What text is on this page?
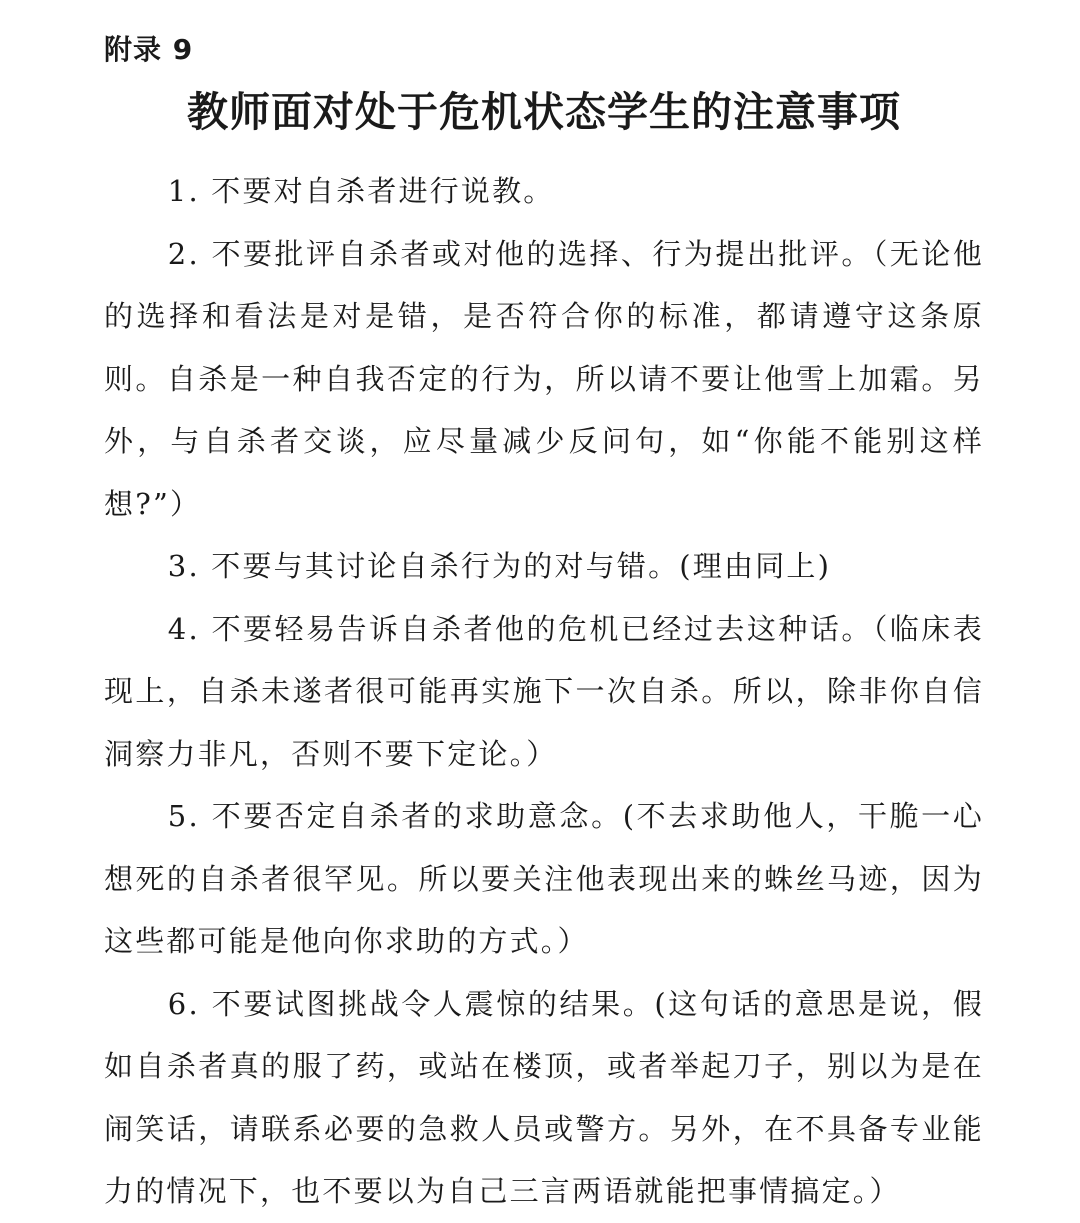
附录 9
教师面对处于危机状态学生的注意事项

1. 不要对自杀者进行说教。

2. 不要批评自杀者或对他的选择、行为提出批评。（无论他的选择和看法是对是错，是否符合你的标准，都请遵守这条原则。自杀是一种自我否定的行为，所以请不要让他雪上加霜。另外，与自杀者交谈，应尽量减少反问句，如“你能不能别这样想?”）

3. 不要与其讨论自杀行为的对与错。(理由同上)

4. 不要轻易告诉自杀者他的危机已经过去这种话。（临床表现上，自杀未遂者很可能再实施下一次自杀。所以，除非你自信洞察力非凡，否则不要下定论。）

5. 不要否定自杀者的求助意念。(不去求助他人，干脆一心想死的自杀者很罕见。所以要关注他表现出来的蛛丝马迹，因为这些都可能是他向你求助的方式。）

6. 不要试图挑战令人震惊的结果。(这句话的意思是说，假如自杀者真的服了药，或站在楼顶，或者举起刀子，别以为是在闹笑话，请联系必要的急救人员或警方。另外，在不具备专业能力的情况下，也不要以为自己三言两语就能把事情搞定。）
